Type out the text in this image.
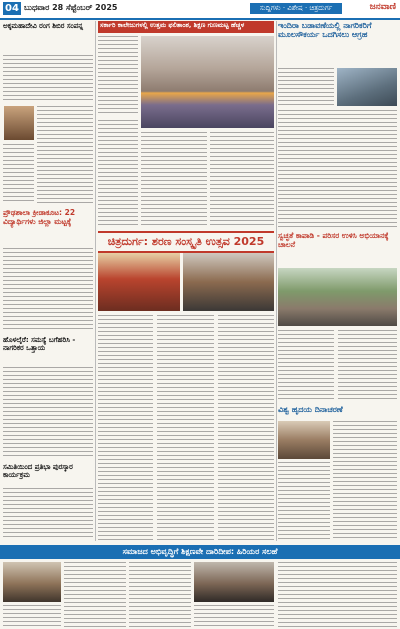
04 ಬುಧವಾರ 28 ಸೆಪ್ಟೆಂಬರ್ 2025	ಸುದ್ದಿಗಳು · ವಿಶೇಷ · ಚಿತ್ರದುರ್ಗ	ಜನವಾಣಿ
ಅಕ್ಕಮಹಾದೇವಿ ರಂಗ ಶಿಬಿರ ಸಂಪನ್ನ
ಪ್ರೌಢಶಾಲಾ ಕ್ರೀಡಾಕೂಟ: 22 ವಿದ್ಯಾರ್ಥಿಗಳು ಜಿಲ್ಲಾ ಮಟ್ಟಕ್ಕೆ
ಹೊಳಲ್ಕೆರೆ: ಸಮಸ್ಯೆ ಬಗೆಹರಿಸಿ - ನಾಗರಿಕರ ಒತ್ತಾಯ
ಸಮಿತಿಯಿಂದ ಪ್ರತಿಭಾ ಪುರಸ್ಕಾರ ಕಾರ್ಯಕ್ರಮ
ಸರ್ಕಾರಿ ಕಾಲೇಜುಗಳಲ್ಲಿ ಉತ್ತಮ ಫಲಿತಾಂಶ, ಶಿಕ್ಷಣ ಗುಣಮಟ್ಟ ಹೆಚ್ಚಳ	ಇಂದಿರಾ ಬಡಾವಣೆಯಲ್ಲಿ ನಾಗರಿಕರಿಗೆ ಮೂಲಸೌಕರ್ಯ ಒದಗಿಸಲು ಆಗ್ರಹ
ಚಿತ್ರದುರ್ಗ: ಶರಣ ಸಂಸ್ಕೃತಿ ಉತ್ಸವ 2025	ಸ್ವಚ್ಛತೆ ಕಾಪಾಡಿ - ಪರಿಸರ ಉಳಿಸಿ ಅಭಿಯಾನಕ್ಕೆ ಚಾಲನೆ
ವಿಶ್ವ ಹೃದಯ ದಿನಾಚರಣೆ
ಸಮಾಜದ ಅಭಿವೃದ್ಧಿಗೆ ಶಿಕ್ಷಣವೇ ದಾರಿದೀಪ: ಹಿರಿಯರ ಸಲಹೆ
